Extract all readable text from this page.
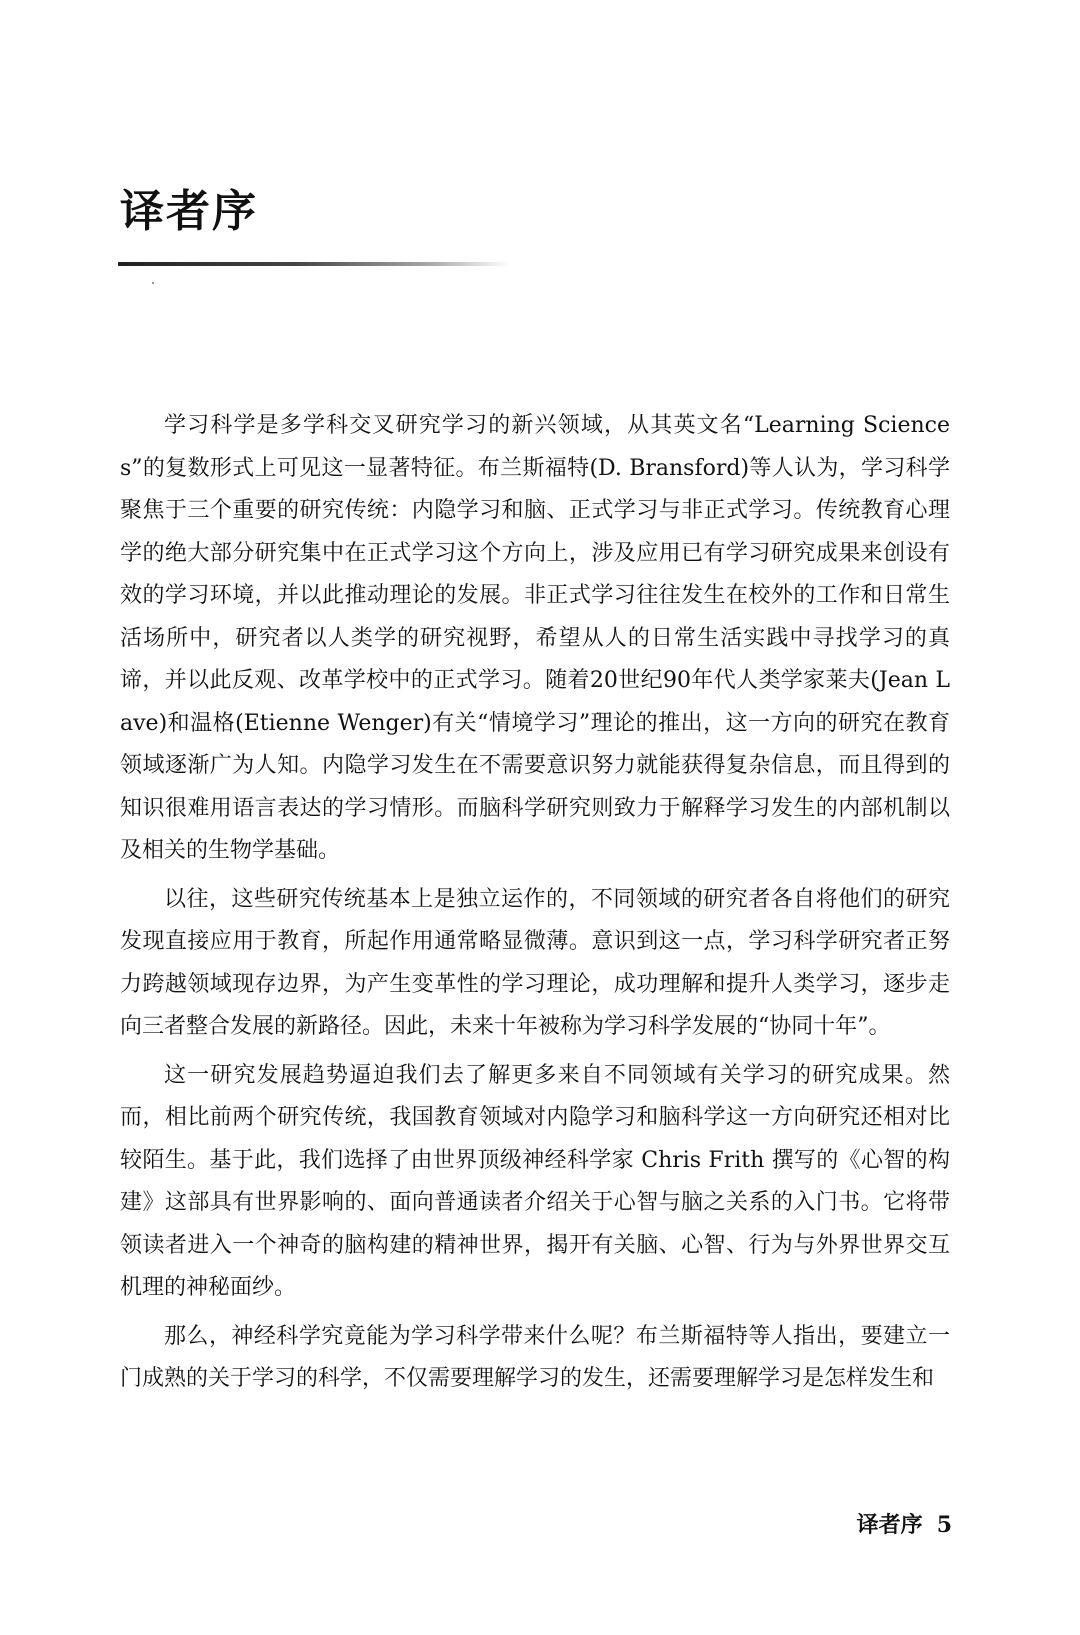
译者序

学习科学是多学科交叉研究学习的新兴领域，从其英文名“Learning Sciences”的复数形式上可见这一显著特征。布兰斯福特(D. Bransford)等人认为，学习科学聚焦于三个重要的研究传统：内隐学习和脑、正式学习与非正式学习。传统教育心理学的绝大部分研究集中在正式学习这个方向上，涉及应用已有学习研究成果来创设有效的学习环境，并以此推动理论的发展。非正式学习往往发生在校外的工作和日常生活场所中，研究者以人类学的研究视野，希望从人的日常生活实践中寻找学习的真谛，并以此反观、改革学校中的正式学习。随着20世纪90年代人类学家莱夫(Jean Lave)和温格(Etienne Wenger)有关“情境学习”理论的推出，这一方向的研究在教育领域逐渐广为人知。内隐学习发生在不需要意识努力就能获得复杂信息，而且得到的知识很难用语言表达的学习情形。而脑科学研究则致力于解释学习发生的内部机制以及相关的生物学基础。

以往，这些研究传统基本上是独立运作的，不同领域的研究者各自将他们的研究发现直接应用于教育，所起作用通常略显微薄。意识到这一点，学习科学研究者正努力跨越领域现存边界，为产生变革性的学习理论，成功理解和提升人类学习，逐步走向三者整合发展的新路径。因此，未来十年被称为学习科学发展的“协同十年”。

这一研究发展趋势逼迫我们去了解更多来自不同领域有关学习的研究成果。然而，相比前两个研究传统，我国教育领域对内隐学习和脑科学这一方向研究还相对比较陌生。基于此，我们选择了由世界顶级神经科学家 Chris Frith 撰写的《心智的构建》这部具有世界影响的、面向普通读者介绍关于心智与脑之关系的入门书。它将带领读者进入一个神奇的脑构建的精神世界，揭开有关脑、心智、行为与外界世界交互机理的神秘面纱。

那么，神经科学究竟能为学习科学带来什么呢？布兰斯福特等人指出，要建立一门成熟的关于学习的科学，不仅需要理解学习的发生，还需要理解学习是怎样发生和

译者序 5
